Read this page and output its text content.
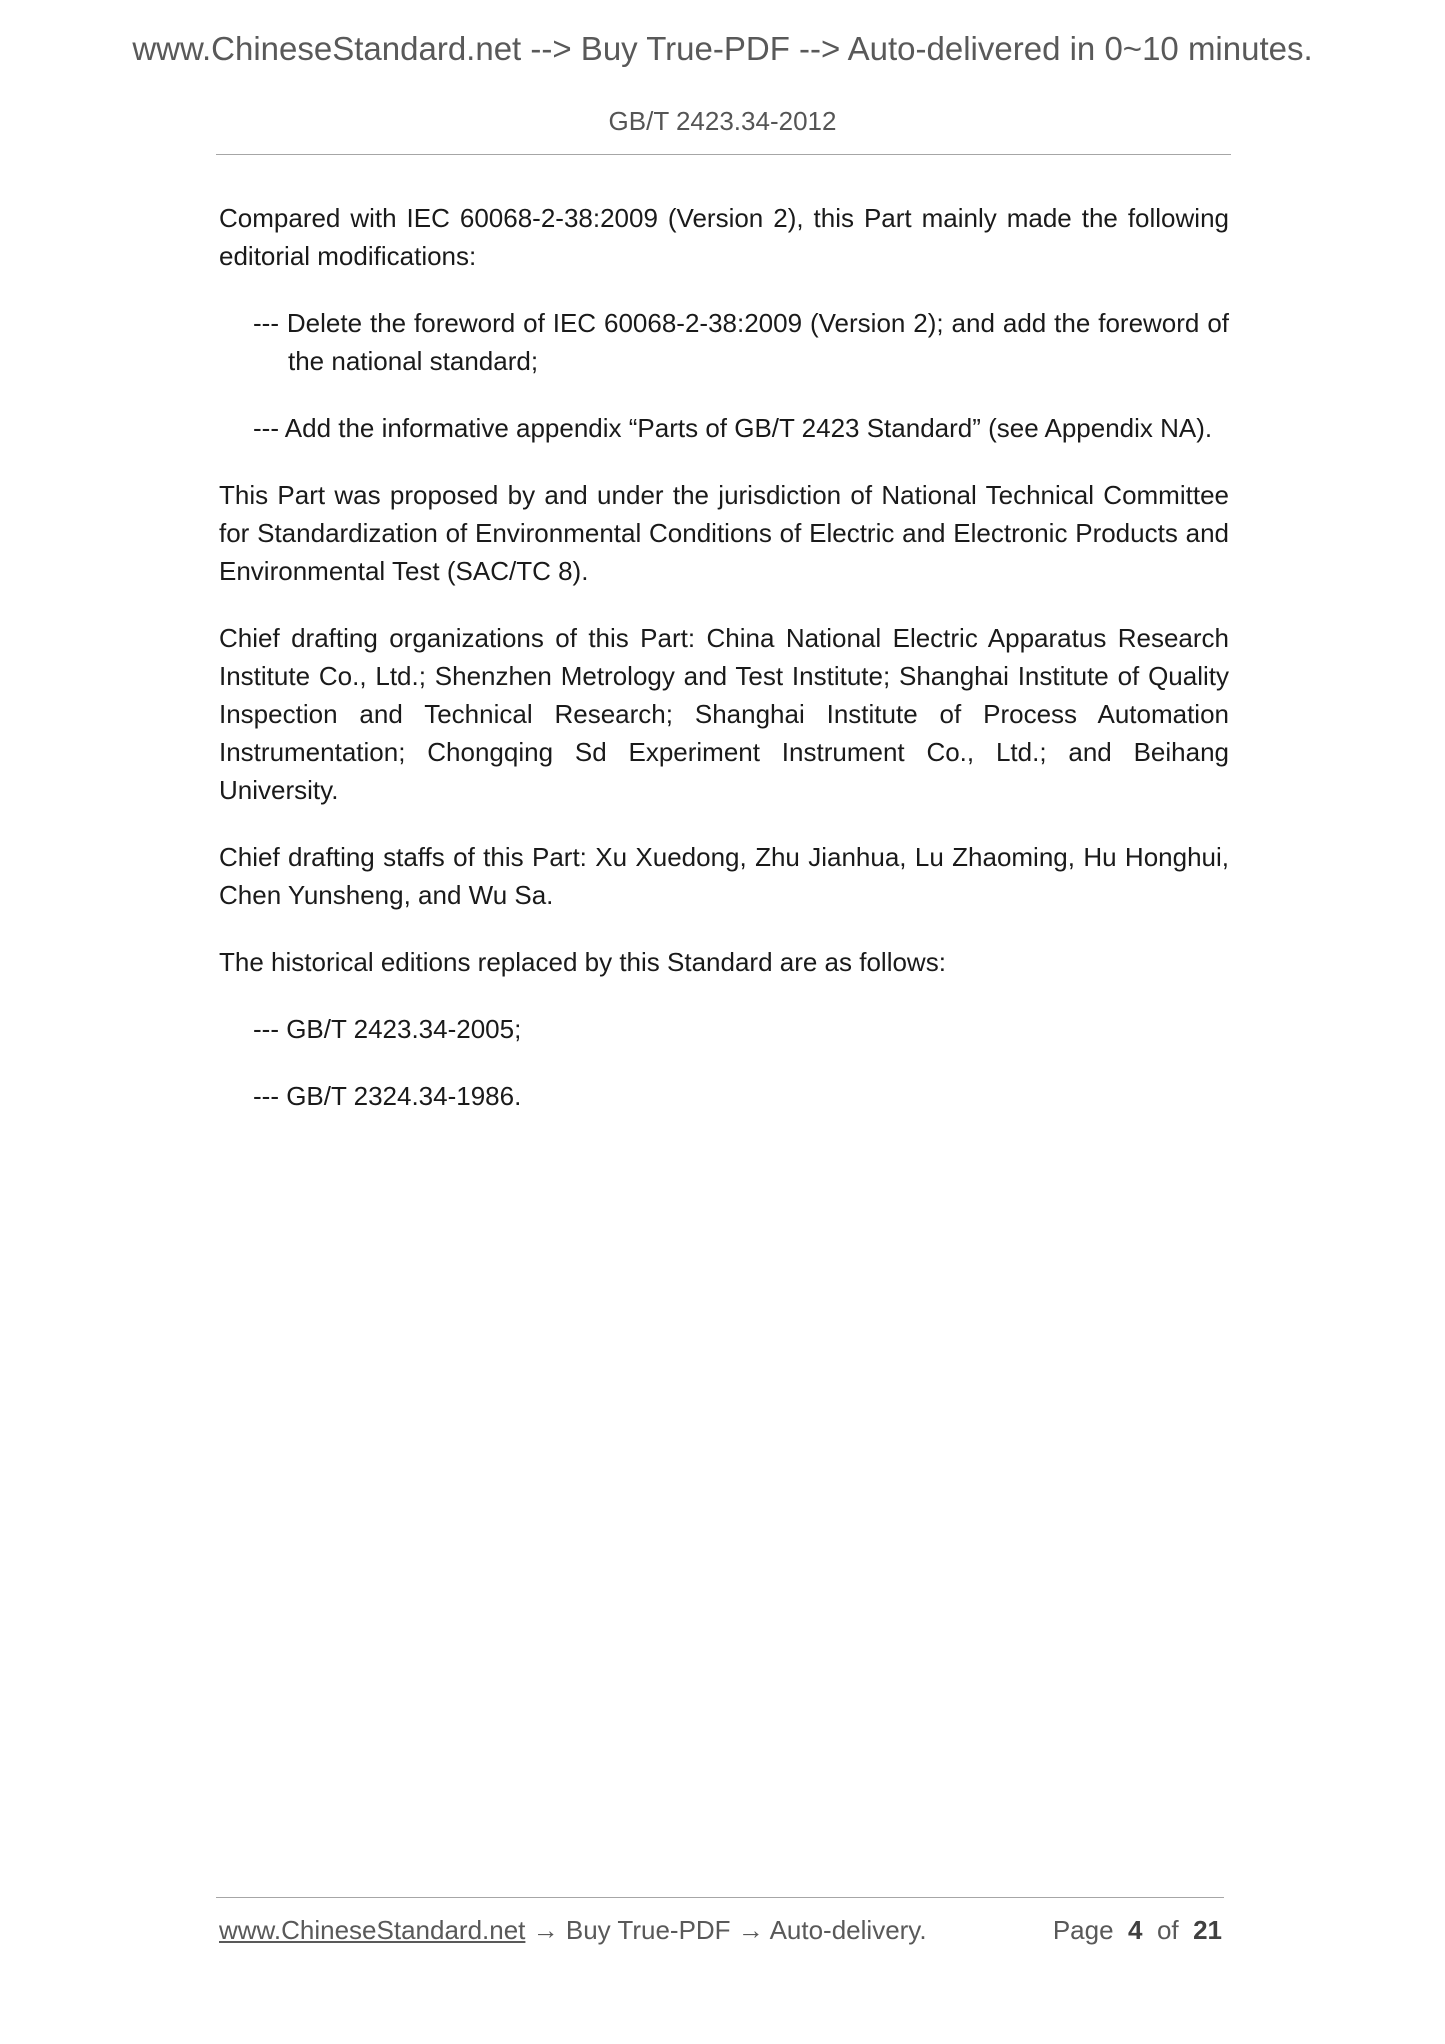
www.ChineseStandard.net --> Buy True-PDF --> Auto-delivered in 0~10 minutes.
GB/T 2423.34-2012

Compared with IEC 60068-2-38:2009 (Version 2), this Part mainly made the following editorial modifications:

--- Delete the foreword of IEC 60068-2-38:2009 (Version 2); and add the foreword of the national standard;

--- Add the informative appendix “Parts of GB/T 2423 Standard” (see Appendix NA).

This Part was proposed by and under the jurisdiction of National Technical Committee for Standardization of Environmental Conditions of Electric and Electronic Products and Environmental Test (SAC/TC 8).

Chief drafting organizations of this Part: China National Electric Apparatus Research Institute Co., Ltd.; Shenzhen Metrology and Test Institute; Shanghai Institute of Quality Inspection and Technical Research; Shanghai Institute of Process Automation Instrumentation; Chongqing Sd Experiment Instrument Co., Ltd.; and Beihang University.

Chief drafting staffs of this Part: Xu Xuedong, Zhu Jianhua, Lu Zhaoming, Hu Honghui, Chen Yunsheng, and Wu Sa.

The historical editions replaced by this Standard are as follows:

--- GB/T 2423.34-2005;

--- GB/T 2324.34-1986.

www.ChineseStandard.net → Buy True-PDF → Auto-delivery.	Page 4 of 21
